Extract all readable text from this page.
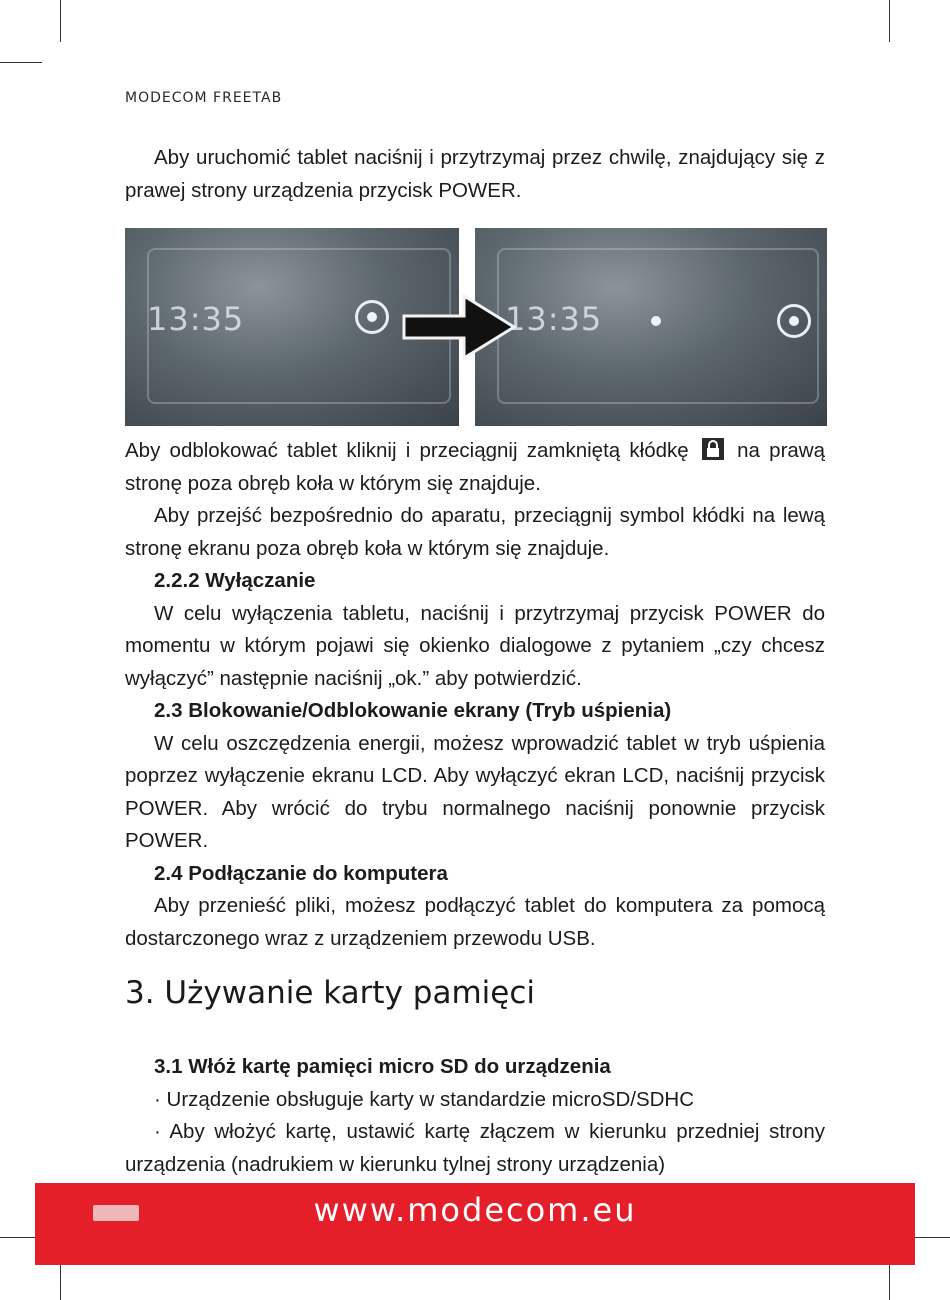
MODECOM FREETAB

Aby uruchomić tablet naciśnij i przytrzymaj przez chwilę, znajdujący się z prawej strony urządzenia przycisk POWER.

13:35	13:35

Aby odblokować tablet kliknij i przeciągnij zamkniętą kłódkę na prawą stronę poza obręb koła w którym się znajduje.

Aby przejść bezpośrednio do aparatu, przeciągnij symbol kłódki na lewą stronę ekranu poza obręb koła w którym się znajduje.

2.2.2 Wyłączanie

W celu wyłączenia tabletu, naciśnij i przytrzymaj przycisk POWER do momentu w którym pojawi się okienko dialogowe z pytaniem „czy chcesz wyłączyć” następnie naciśnij „ok.” aby potwierdzić.

2.3 Blokowanie/Odblokowanie ekrany (Tryb uśpienia)

W celu oszczędzenia energii, możesz wprowadzić tablet w tryb uśpienia poprzez wyłączenie ekranu LCD. Aby wyłączyć ekran LCD, naciśnij przycisk POWER. Aby wrócić do trybu normalnego naciśnij ponownie przycisk POWER.

2.4 Podłączanie do komputera

Aby przenieść pliki, możesz podłączyć tablet do komputera za pomocą dostarczonego wraz z urządzeniem przewodu USB.

3. Używanie karty pamięci

3.1 Włóż kartę pamięci micro SD do urządzenia

· Urządzenie obsługuje karty w standardzie microSD/SDHC

· Aby włożyć kartę, ustawić kartę złączem w kierunku przedniej strony urządzenia (nadrukiem w kierunku tylnej strony urządzenia)

www.modecom.eu
